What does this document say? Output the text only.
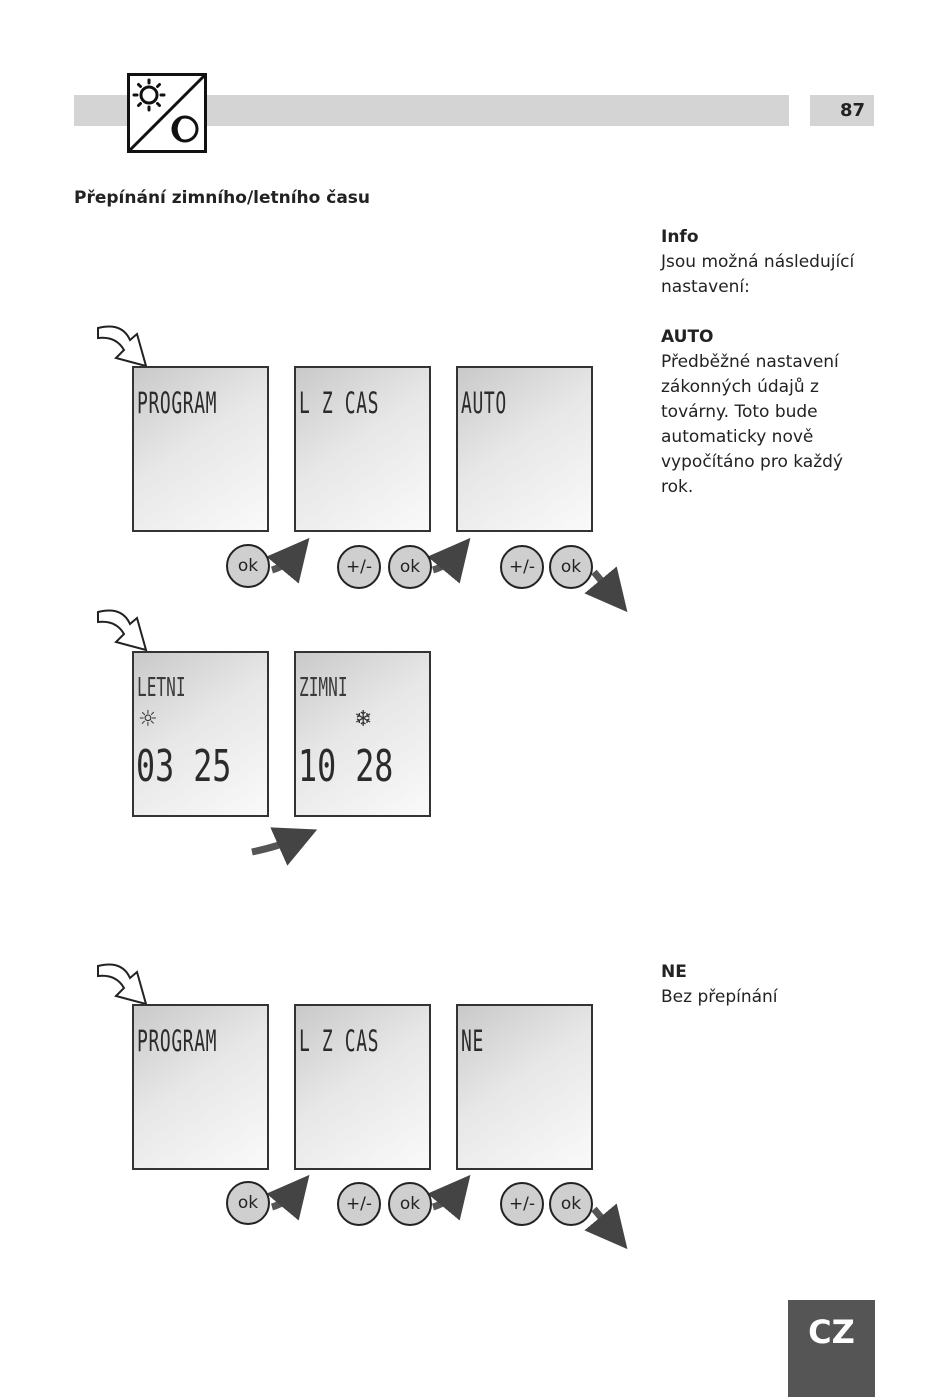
87
Přepínání zimního/letního času
Info
Jsou možná následující nastavení:
AUTO
Předběžné nastavení zákonných údajů z továrny. Toto bude automaticky nově vypočítáno pro každý rok.
NE
Bez přepínání
PROGRAM	L Z CAS	AUTO
ok	+/-	ok	+/-	ok
LETNI
☼
03 25
ZIMNI
❄
10 28
PROGRAM	L Z CAS	NE
ok	+/-	ok	+/-	ok
CZ
